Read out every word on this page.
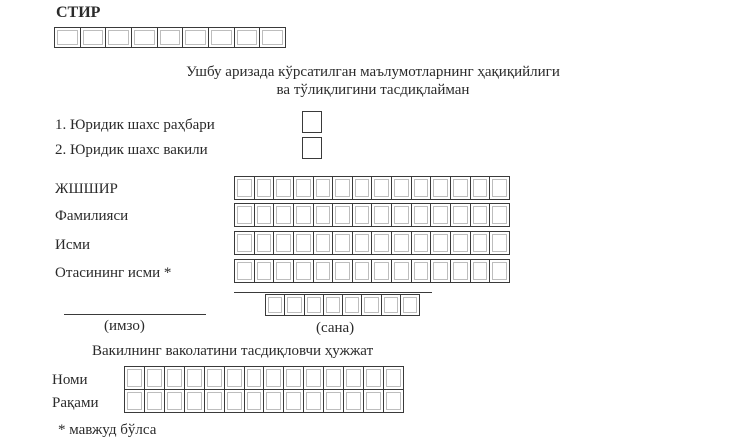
СТИР
Ушбу аризада кўрсатилган маълумотларнинг ҳақиқийлиги
ва тўлиқлигини тасдиқлайман
1. Юридик шахс раҳбари
2. Юридик шахс вакили
ЖШШИР
Фамилияси
Исми
Отасининг исми *
(имзо)	(сана)
Вакилнинг ваколатини тасдиқловчи ҳужжат
Номи
Рақами
* мавжуд бўлса
